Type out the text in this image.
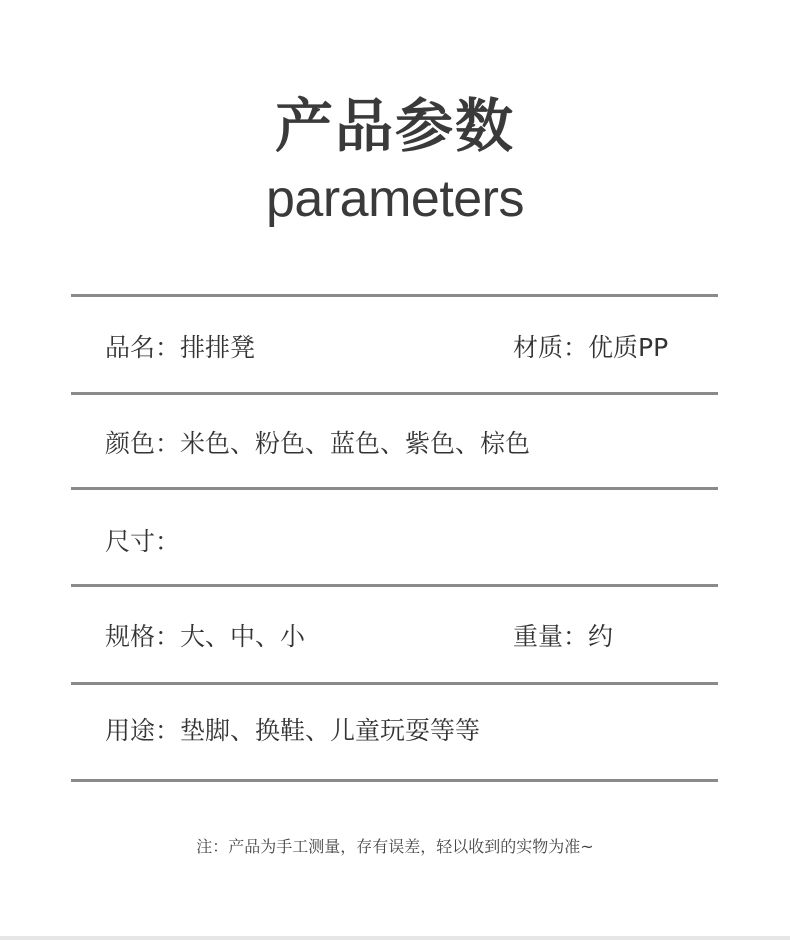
产品参数
parameters
品名：排排凳	材质：优质PP
颜色：米色、粉色、蓝色、紫色、棕色
尺寸：
规格：大、中、小	重量：约
用途：垫脚、换鞋、儿童玩耍等等
注：产品为手工测量，存有误差，轻以收到的实物为准~
